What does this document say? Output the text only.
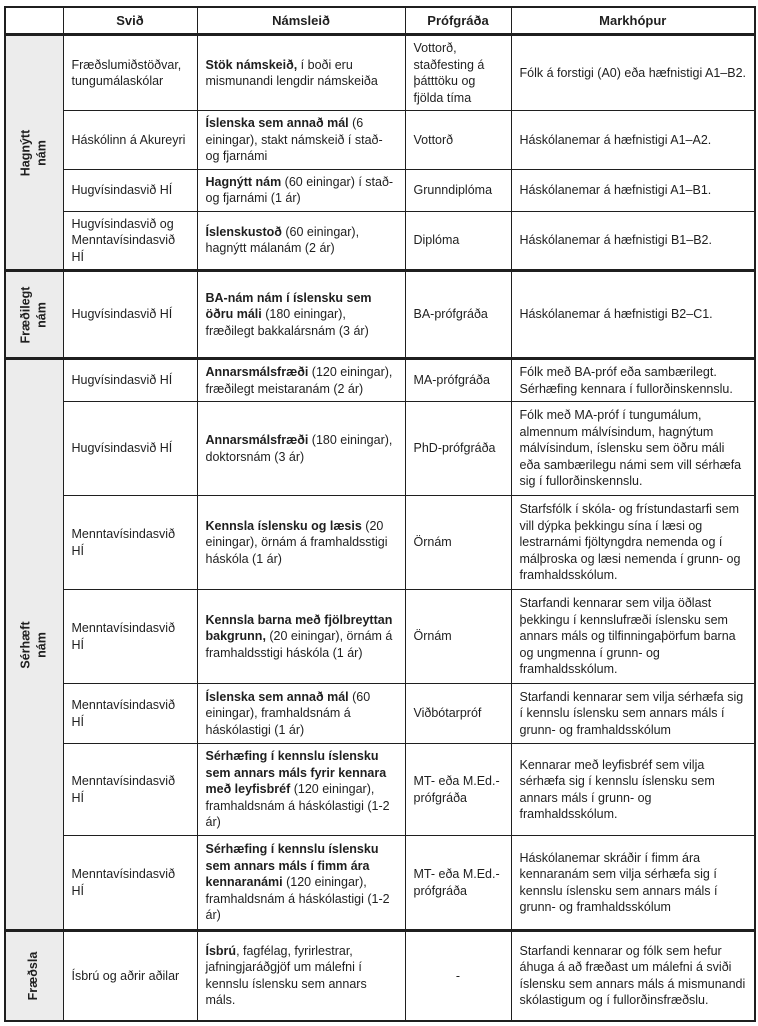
	Svið	Námsleið	Prófgráða	Markhópur

Hagnýtt nám	Fræðslumiðstöðvar, tungumálaskólar	Stök námskeið, í boði eru mismunandi lengdir námskeiða	Vottorð, staðfesting á þátttöku og fjölda tíma	Fólk á forstigi (A0) eða hæfnistigi A1–B2.
	Háskólinn á Akureyri	Íslenska sem annað mál (6 einingar), stakt námskeið í stað- og fjarnámi	Vottorð	Háskólanemar á hæfnistigi A1–A2.
	Hugvísindasvið HÍ	Hagnýtt nám (60 einingar) í stað- og fjarnámi (1 ár)	Grunndiplóma	Háskólanemar á hæfnistigi A1–B1.
	Hugvísindasvið og Menntavísindasvið HÍ	Íslenskustoð (60 einingar), hagnýtt málanám (2 ár)	Diplóma	Háskólanemar á hæfnistigi B1–B2.

Fræðilegt nám	Hugvísindasvið HÍ	BA-nám nám í íslensku sem öðru máli (180 einingar), fræðilegt bakkalársnám (3 ár)	BA-prófgráða	Háskólanemar á hæfnistigi B2–C1.

Sérhæft nám	Hugvísindasvið HÍ	Annarsmálsfræði (120 einingar), fræðilegt meistaranám (2 ár)	MA-prófgráða	Fólk með BA-próf eða sambærilegt. Sérhæfing kennara í fullorðinskennslu.
	Hugvísindasvið HÍ	Annarsmálsfræði (180 einingar), doktorsnám (3 ár)	PhD-prófgráða	Fólk með MA-próf í tungumálum, almennum málvísindum, hagnýtum málvísindum, íslensku sem öðru máli eða sambærilegu námi sem vill sérhæfa sig í fullorðinskennslu.
	Menntavísindasvið HÍ	Kennsla íslensku og læsis (20 einingar), örnám á framhaldsstigi háskóla (1 ár)	Örnám	Starfsfólk í skóla- og frístundastarfi sem vill dýpka þekkingu sína í læsi og lestrarnámi fjöltyngdra nemenda og í málþroska og læsi nemenda í grunn- og framhaldsskólum.
	Menntavísindasvið HÍ	Kennsla barna með fjölbreyttan bakgrunn, (20 einingar), örnám á framhaldsstigi háskóla (1 ár)	Örnám	Starfandi kennarar sem vilja öðlast þekkingu í kennslufræði íslensku sem annars máls og tilfinningaþörfum barna og ungmenna í grunn- og framhaldsskólum.
	Menntavísindasvið HÍ	Íslenska sem annað mál (60 einingar), framhaldsnám á háskólastigi (1 ár)	Viðbótarpróf	Starfandi kennarar sem vilja sérhæfa sig í kennslu íslensku sem annars máls í grunn- og framhaldsskólum
	Menntavísindasvið HÍ	Sérhæfing í kennslu íslensku sem annars máls fyrir kennara með leyfisbréf (120 einingar), framhaldsnám á háskólastigi (1-2 ár)	MT- eða M.Ed.-prófgráða	Kennarar með leyfisbréf sem vilja sérhæfa sig í kennslu íslensku sem annars máls í grunn- og framhaldsskólum.
	Menntavísindasvið HÍ	Sérhæfing í kennslu íslensku sem annars máls í fimm ára kennaranámi (120 einingar), framhaldsnám á háskólastigi (1-2 ár)	MT- eða M.Ed.-prófgráða	Háskólanemar skráðir í fimm ára kennaranám sem vilja sérhæfa sig í kennslu íslensku sem annars máls í grunn- og framhaldsskólum

Fræðsla	Ísbrú og aðrir aðilar	Ísbrú, fagfélag, fyrirlestrar, jafningjaráðgjöf um málefni í kennslu íslensku sem annars máls.	-	Starfandi kennarar og fólk sem hefur áhuga á að fræðast um málefni á sviði íslensku sem annars máls á mismunandi skólastigum og í fullorðinsfræðslu.
